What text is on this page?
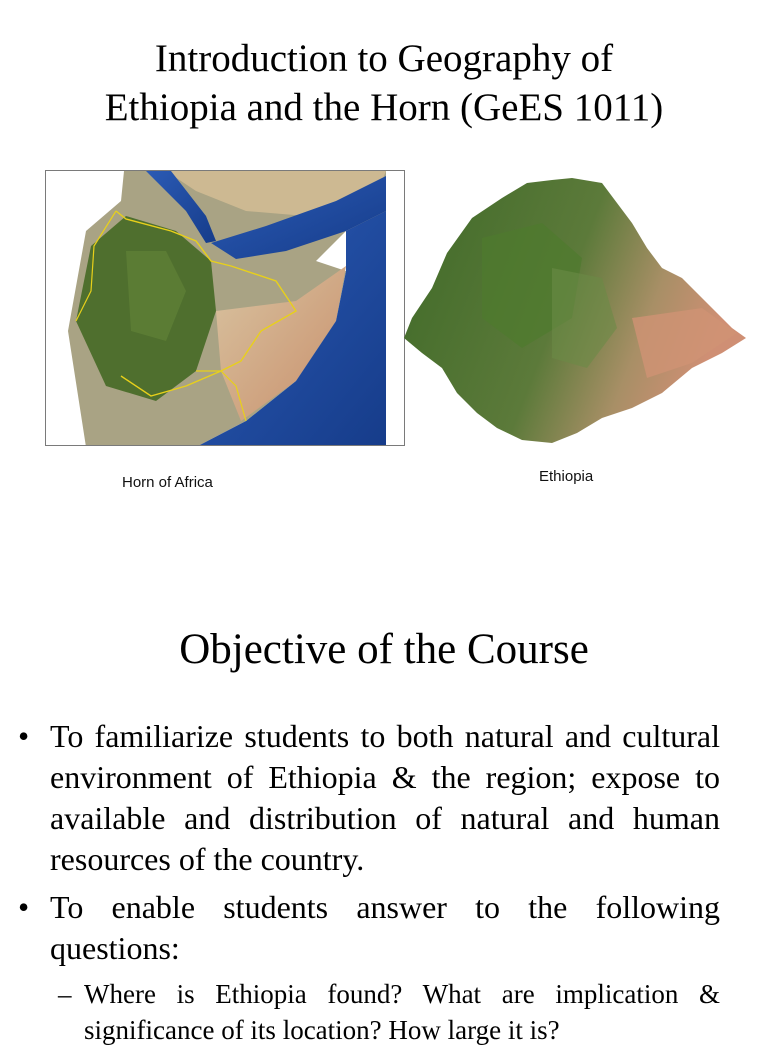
Introduction to Geography of
Ethiopia and the Horn (GeES 1011)
Horn of Africa	Ethiopia
Objective of the Course
• To familiarize students to both natural and cultural environment of Ethiopia & the region; expose to available and distribution of natural and human resources of the country.
• To enable students answer to the following questions:
– Where is Ethiopia found? What are implication & significance of its location? How large it is?
